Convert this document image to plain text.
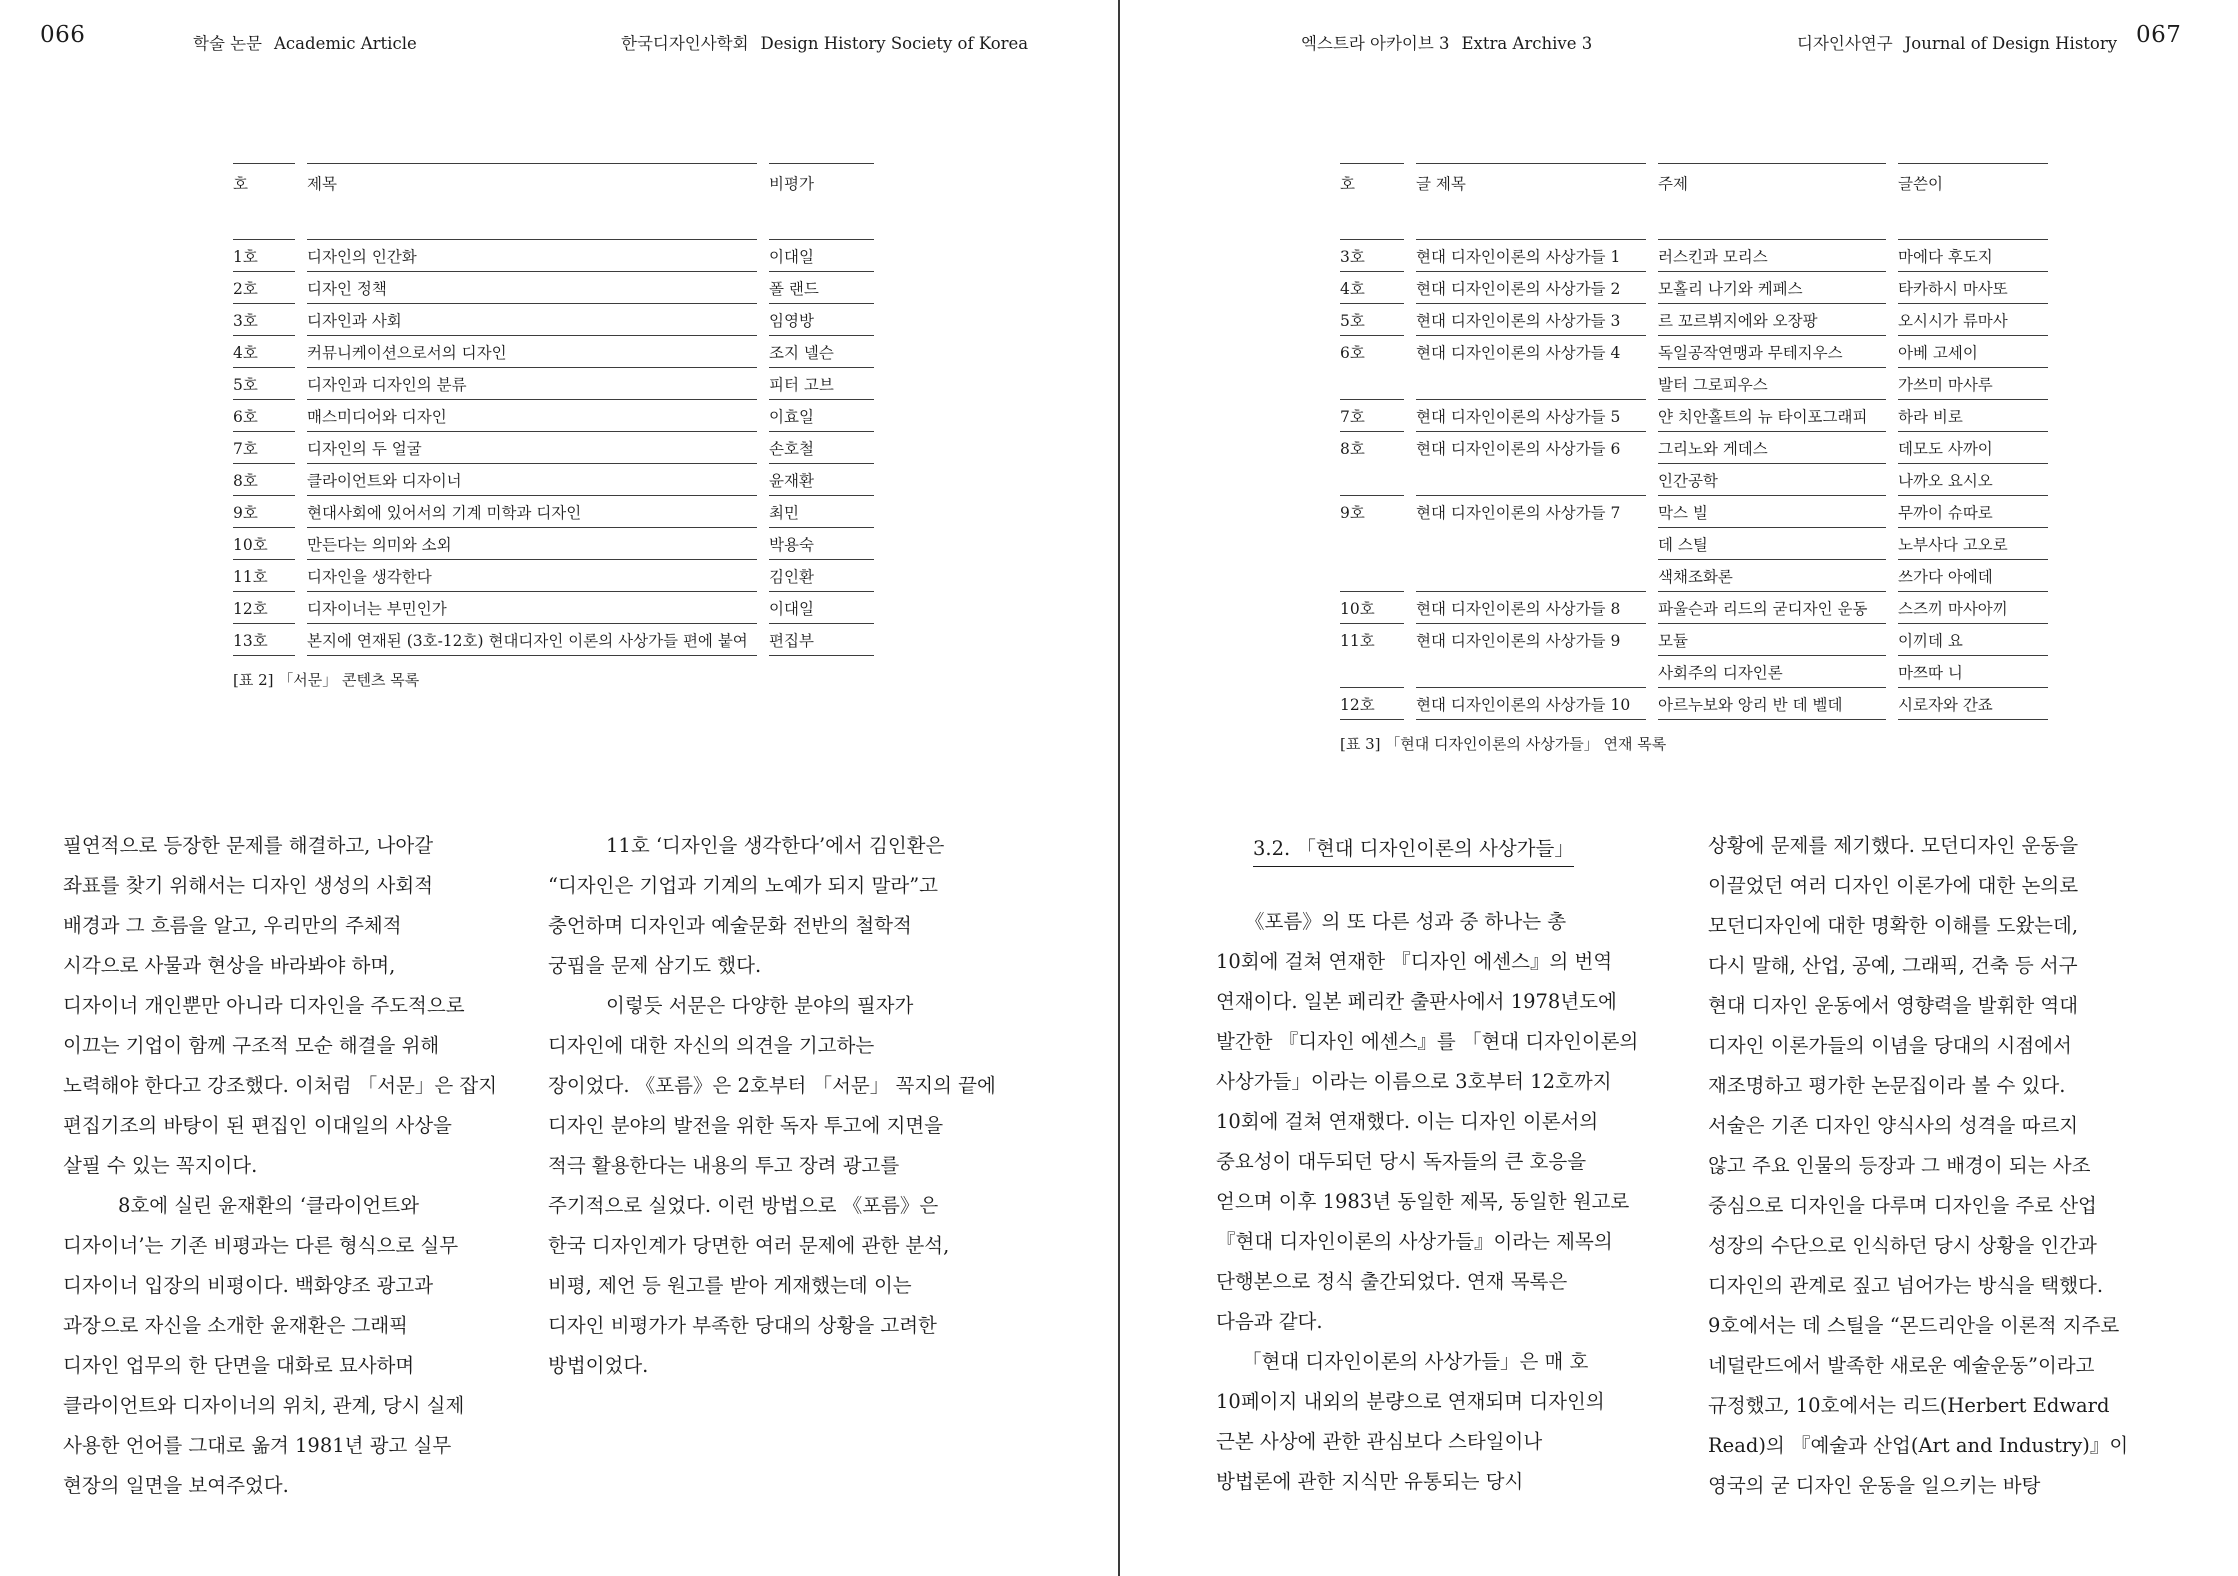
066	학술 논문 Academic Article	한국디자인사학회 Design History Society of Korea	엑스트라 아카이브 3 Extra Archive 3	디자인사연구 Journal of Design History 067
호	제목	비평가
1호	디자인의 인간화	이대일
2호	디자인 정책	폴 랜드
3호	디자인과 사회	임영방
4호	커뮤니케이션으로서의 디자인	조지 넬슨
5호	디자인과 디자인의 분류	피터 고브
6호	매스미디어와 디자인	이효일
7호	디자인의 두 얼굴	손호철
8호	클라이언트와 디자이너	윤재환
9호	현대사회에 있어서의 기계 미학과 디자인	최민
10호	만든다는 의미와 소외	박용숙
11호	디자인을 생각한다	김인환
12호	디자이너는 부민인가	이대일
13호	본지에 연재된 (3호-12호) 현대디자인 이론의 사상가들 편에 붙여	편집부
[표 2] 「서문」 콘텐츠 목록
호	글 제목	주제	글쓴이
3호	현대 디자인이론의 사상가들 1	러스킨과 모리스	마에다 후도지
4호	현대 디자인이론의 사상가들 2	모홀리 나기와 케페스	타카하시 마사또
5호	현대 디자인이론의 사상가들 3	르 꼬르뷔지에와 오장팡	오시시가 류마사
6호	현대 디자인이론의 사상가들 4	독일공작연맹과 무테지우스	아베 고세이
		발터 그로피우스	가쓰미 마사루
7호	현대 디자인이론의 사상가들 5	얀 치안홀트의 뉴 타이포그래피	하라 비로
8호	현대 디자인이론의 사상가들 6	그리노와 게데스	데모도 사까이
		인간공학	나까오 요시오
9호	현대 디자인이론의 사상가들 7	막스 빌	무까이 슈따로
		데 스틸	노부사다 고오로
		색채조화론	쓰가다 아에데
10호	현대 디자인이론의 사상가들 8	파울슨과 리드의 굳디자인 운동	스즈끼 마사아끼
11호	현대 디자인이론의 사상가들 9	모듈	이끼데 요
		사회주의 디자인론	마쯔따 니
12호	현대 디자인이론의 사상가들 10	아르누보와 앙리 반 데 벨데	시로자와 간죠
[표 3] 「현대 디자인이론의 사상가들」 연재 목록
필연적으로 등장한 문제를 해결하고, 나아갈
좌표를 찾기 위해서는 디자인 생성의 사회적
배경과 그 흐름을 알고, 우리만의 주체적
시각으로 사물과 현상을 바라봐야 하며,
디자이너 개인뿐만 아니라 디자인을 주도적으로
이끄는 기업이 함께 구조적 모순 해결을 위해
노력해야 한다고 강조했다. 이처럼 「서문」은 잡지
편집기조의 바탕이 된 편집인 이대일의 사상을
살필 수 있는 꼭지이다.
8호에 실린 윤재환의 ‘클라이언트와
디자이너’는 기존 비평과는 다른 형식으로 실무
디자이너 입장의 비평이다. 백화양조 광고과
과장으로 자신을 소개한 윤재환은 그래픽
디자인 업무의 한 단면을 대화로 묘사하며
클라이언트와 디자이너의 위치, 관계, 당시 실제
사용한 언어를 그대로 옮겨 1981년 광고 실무
현장의 일면을 보여주었다.
11호 ‘디자인을 생각한다’에서 김인환은
“디자인은 기업과 기계의 노예가 되지 말라”고
충언하며 디자인과 예술문화 전반의 철학적
궁핍을 문제 삼기도 했다.
이렇듯 서문은 다양한 분야의 필자가
디자인에 대한 자신의 의견을 기고하는
장이었다. 《포름》은 2호부터 「서문」 꼭지의 끝에
디자인 분야의 발전을 위한 독자 투고에 지면을
적극 활용한다는 내용의 투고 장려 광고를
주기적으로 실었다. 이런 방법으로 《포름》은
한국 디자인계가 당면한 여러 문제에 관한 분석,
비평, 제언 등 원고를 받아 게재했는데 이는
디자인 비평가가 부족한 당대의 상황을 고려한
방법이었다.
3.2. 「현대 디자인이론의 사상가들」
《포름》의 또 다른 성과 중 하나는 총
10회에 걸쳐 연재한 『디자인 에센스』의 번역
연재이다. 일본 페리칸 출판사에서 1978년도에
발간한 『디자인 에센스』를 「현대 디자인이론의
사상가들」이라는 이름으로 3호부터 12호까지
10회에 걸쳐 연재했다. 이는 디자인 이론서의
중요성이 대두되던 당시 독자들의 큰 호응을
얻으며 이후 1983년 동일한 제목, 동일한 원고로
『현대 디자인이론의 사상가들』이라는 제목의
단행본으로 정식 출간되었다. 연재 목록은
다음과 같다.
「현대 디자인이론의 사상가들」은 매 호
10페이지 내외의 분량으로 연재되며 디자인의
근본 사상에 관한 관심보다 스타일이나
방법론에 관한 지식만 유통되는 당시
상황에 문제를 제기했다. 모던디자인 운동을
이끌었던 여러 디자인 이론가에 대한 논의로
모던디자인에 대한 명확한 이해를 도왔는데,
다시 말해, 산업, 공예, 그래픽, 건축 등 서구
현대 디자인 운동에서 영향력을 발휘한 역대
디자인 이론가들의 이념을 당대의 시점에서
재조명하고 평가한 논문집이라 볼 수 있다.
서술은 기존 디자인 양식사의 성격을 따르지
않고 주요 인물의 등장과 그 배경이 되는 사조
중심으로 디자인을 다루며 디자인을 주로 산업
성장의 수단으로 인식하던 당시 상황을 인간과
디자인의 관계로 짚고 넘어가는 방식을 택했다.
9호에서는 데 스틸을 “몬드리안을 이론적 지주로
네덜란드에서 발족한 새로운 예술운동”이라고
규정했고, 10호에서는 리드(Herbert Edward
Read)의 『예술과 산업(Art and Industry)』이
영국의 굳 디자인 운동을 일으키는 바탕
